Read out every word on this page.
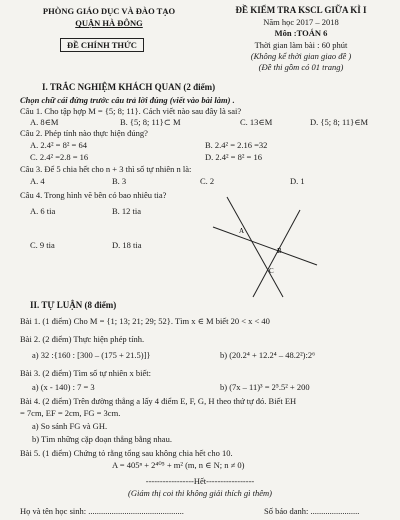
PHÒNG GIÁO DỤC VÀ ĐÀO TẠO
QUẬN HÀ ĐÔNG
ĐỀ CHÍNH THỨC
ĐỀ KIỂM TRA KSCL GIỮA KÌ I
Năm học 2017 – 2018
Môn :TOÁN 6
Thời gian làm bài : 60 phút
(Không kể thời gian giao đề )
(Đề thi gồm có 01 trang)
I. TRẮC NGHIỆM KHÁCH QUAN (2 điểm)
Chọn chữ cái đứng trước câu trả lời đúng (viết vào bài làm) .
Câu 1. Cho tập hợp M = {5; 8; 11}. Cách viết nào sau đây là sai?
A. 8∈M	B. {5; 8; 11}⊂ M	C. 13∈M	D. {5; 8; 11}∈M
Câu 2. Phép tính nào thực hiện đúng?
A. 2.4² = 8² = 64	B. 2.4² = 2.16 =32
C. 2.4² =2.8 = 16	D. 2.4² = 8² = 16
Câu 3. Để 5 chia hết cho n + 3 thì số tự nhiên n là:
A. 4	B. 3	C. 2	D. 1
Câu 4. Trong hình vẽ bên có bao nhiêu tia?
A. 6 tia	B. 12 tia
C. 9 tia	D. 18 tia
A
B
C
II. TỰ LUẬN (8 điểm)
Bài 1. (1 điểm) Cho M = {1; 13; 21; 29; 52}. Tìm x ∈ M biết 20 < x < 40
Bài 2. (2 điểm) Thực hiện phép tính.
a) 32 :{160 : [300 – (175 + 21.5)]}	b) (20.2⁴ + 12.2⁴ – 48.2²):2⁶
Bài 3. (2 điểm) Tìm số tự nhiên x biết:
a) (x - 140) : 7 = 3	b) (7x – 11)³ = 2⁵.5² + 200
Bài 4. (2 điểm) Trên đường thẳng a lấy 4 điểm E, F, G, H theo thứ tự đó. Biết EH
= 7cm, EF = 2cm, FG = 3cm.
a) So sánh FG và GH.
b) Tìm những cặp đoạn thẳng bằng nhau.
Bài 5. (1 điểm) Chứng tỏ rằng tổng sau không chia hết cho 10.
A = 405ⁿ + 2⁴⁰⁵ + m² (m, n ∈ N; n ≠ 0)
-----------------Hết-----------------
(Giám thị coi thi không giải thích gì thêm)
Họ và tên học sinh: .............................................	Số báo danh: .......................
